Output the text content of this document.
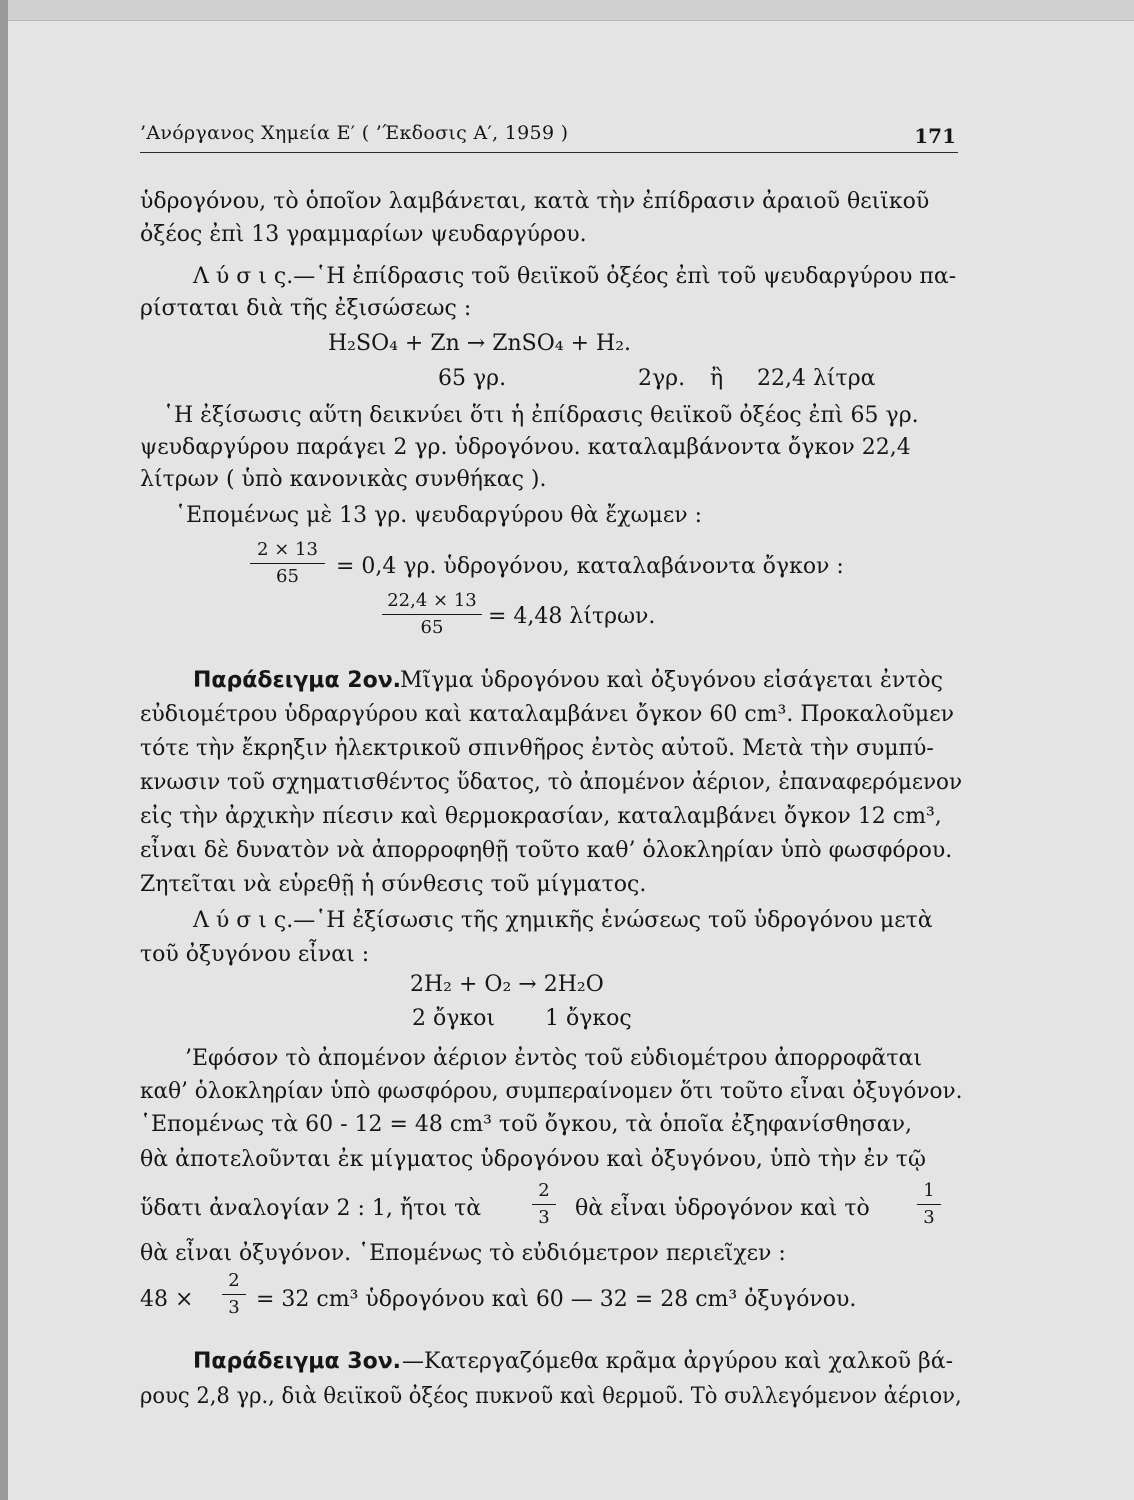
’Ανόργανος Χημεία Ε′ ( ’Έκδοσις Α′, 1959 )	171
ὑδρογόνου, τὸ ὁποῖον λαμβάνεται, κατὰ τὴν ἐπίδρασιν ἀραιοῦ θειϊκοῦ
ὀξέος ἐπὶ 13 γραμμαρίων ψευδαργύρου.
Λ ύ σ ι ς.—῾Η ἐπίδρασις τοῦ θειϊκοῦ ὀξέος ἐπὶ τοῦ ψευδαργύρου πα-
ρίσταται διὰ τῆς ἐξισώσεως :
H₂SO₄ + Zn → ZnSO₄ + H₂.
65 γρ.	2γρ. ἢ 22,4 λίτρα
῾Η ἐξίσωσις αὕτη δεικνύει ὅτι ἡ ἐπίδρασις θειϊκοῦ ὀξέος ἐπὶ 65 γρ.
ψευδαργύρου παράγει 2 γρ. ὑδρογόνου. καταλαμβάνοντα ὄγκον 22,4
λίτρων ( ὑπὸ κανονικὰς συνθήκας ).
῾Επομένως μὲ 13 γρ. ψευδαργύρου θὰ ἔχωμεν :
2 × 13
65	= 0,4 γρ. ὑδρογόνου, καταλαβάνοντα ὄγκον :
22,4 × 13
65	= 4,48 λίτρων.
Παράδειγμα 2ον.
Μῖγμα ὑδρογόνου καὶ ὀξυγόνου εἰσάγεται ἐντὸς
εὐδιομέτρου ὑδραργύρου καὶ καταλαμβάνει ὄγκον 60 cm³. Προκαλοῦμεν
τότε τὴν ἔκρηξιν ἠλεκτρικοῦ σπινθῆρος ἐντὸς αὐτοῦ. Μετὰ τὴν συμπύ-
κνωσιν τοῦ σχηματισθέντος ὕδατος, τὸ ἀπομένον ἀέριον, ἐπαναφερόμενον
εἰς τὴν ἀρχικὴν πίεσιν καὶ θερμοκρασίαν, καταλαμβάνει ὄγκον 12 cm³,
εἶναι δὲ δυνατὸν νὰ ἀπορροφηθῇ τοῦτο καθ’ ὁλοκληρίαν ὑπὸ φωσφόρου.
Ζητεῖται νὰ εὑρεθῇ ἡ σύνθεσις τοῦ μίγματος.
Λ ύ σ ι ς.—῾Η ἐξίσωσις τῆς χημικῆς ἑνώσεως τοῦ ὑδρογόνου μετὰ
τοῦ ὀξυγόνου εἶναι :
2H₂ + O₂ → 2H₂O
2 ὄγκοι 1 ὄγκος
’Εφόσον τὸ ἀπομένον ἀέριον ἐντὸς τοῦ εὐδιομέτρου ἀπορροφᾶται
καθ’ ὁλοκληρίαν ὑπὸ φωσφόρου, συμπεραίνομεν ὅτι τοῦτο εἶναι ὀξυγόνον.
῾Επομένως τὰ 60 - 12 = 48 cm³ τοῦ ὄγκου, τὰ ὁποῖα ἐξηφανίσθησαν,
θὰ ἀποτελοῦνται ἐκ μίγματος ὑδρογόνου καὶ ὀξυγόνου, ὑπὸ τὴν ἐν τῷ
ὕδατι ἀναλογίαν 2 : 1, ἤτοι τὰ
2
3 θὰ εἶναι ὑδρογόνον καὶ τὸ
1
3
θὰ εἶναι ὀξυγόνον. ῾Επομένως τὸ εὐδιόμετρον περιεῖχεν :
48 ×
2
3 = 32 cm³ ὑδρογόνου καὶ 60 — 32 = 28 cm³ ὀξυγόνου.
Παράδειγμα 3ον. —Κατεργαζόμεθα κρᾶμα ἀργύρου καὶ χαλκοῦ βά-
ρους 2,8 γρ., διὰ θειϊκοῦ ὀξέος πυκνοῦ καὶ θερμοῦ. Τὸ συλλεγόμενον ἀέριον,
